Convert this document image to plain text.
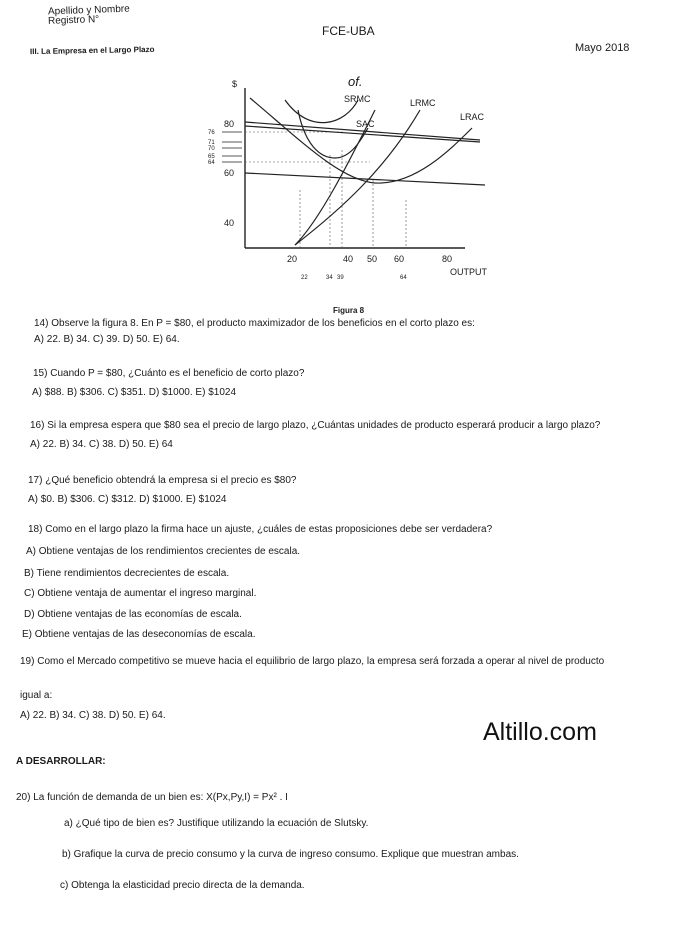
Apellido y Nombre
Registro N°
FCE-UBA
III. La Empresa en el Largo Plazo	Mayo 2018
$
OUTPUT
80
60
40
76
71
70
65
64
20	40 50 60	80
22	34 39	64
of.
SRMC
SAC
LRMC
LRAC
Figura 8
14) Observe la figura 8. En P = $80, el producto maximizador de los beneficios en el corto plazo es:
A) 22. B) 34. C) 39. D) 50. E) 64.
15) Cuando P = $80, ¿Cuánto es el beneficio de corto plazo?
A) $88. B) $306. C) $351. D) $1000. E) $1024
16) Si la empresa espera que $80 sea el precio de largo plazo, ¿Cuántas unidades de producto esperará producir a largo plazo?
A) 22. B) 34. C) 38. D) 50. E) 64
17) ¿Qué beneficio obtendrá la empresa si el precio es $80?
A) $0. B) $306. C) $312. D) $1000. E) $1024
18) Como en el largo plazo la firma hace un ajuste, ¿cuáles de estas proposiciones debe ser verdadera?
A) Obtiene ventajas de los rendimientos crecientes de escala.
B) Tiene rendimientos decrecientes de escala.
C) Obtiene ventaja de aumentar el ingreso marginal.
D) Obtiene ventajas de las economías de escala.
E) Obtiene ventajas de las deseconomías de escala.
19) Como el Mercado competitivo se mueve hacia el equilibrio de largo plazo, la empresa será forzada a operar al nivel de producto
igual a:
A) 22. B) 34. C) 38. D) 50. E) 64.
Altillo.com
A DESARROLLAR:
20) La función de demanda de un bien es: X(Px,Py,I) = Px² . I
a) ¿Qué tipo de bien es? Justifique utilizando la ecuación de Slutsky.
b) Grafique la curva de precio consumo y la curva de ingreso consumo. Explique que muestran ambas.
c) Obtenga la elasticidad precio directa de la demanda.
